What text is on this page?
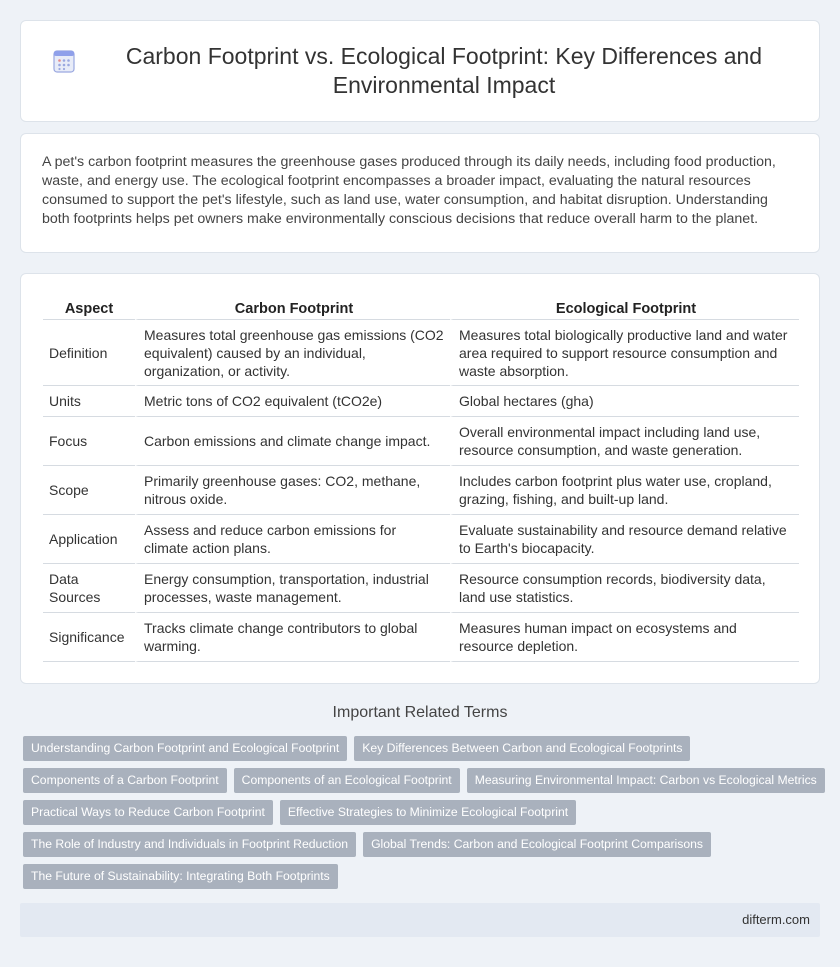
Carbon Footprint vs. Ecological Footprint: Key Differences and Environmental Impact

A pet's carbon footprint measures the greenhouse gases produced through its daily needs, including food production, waste, and energy use. The ecological footprint encompasses a broader impact, evaluating the natural resources consumed to support the pet's lifestyle, such as land use, water consumption, and habitat disruption. Understanding both footprints helps pet owners make environmentally conscious decisions that reduce overall harm to the planet.

Aspect	Carbon Footprint	Ecological Footprint
Definition	Measures total greenhouse gas emissions (CO2 equivalent) caused by an individual, organization, or activity.	Measures total biologically productive land and water area required to support resource consumption and waste absorption.
Units	Metric tons of CO2 equivalent (tCO2e)	Global hectares (gha)
Focus	Carbon emissions and climate change impact.	Overall environmental impact including land use, resource consumption, and waste generation.
Scope	Primarily greenhouse gases: CO2, methane, nitrous oxide.	Includes carbon footprint plus water use, cropland, grazing, fishing, and built-up land.
Application	Assess and reduce carbon emissions for climate action plans.	Evaluate sustainability and resource demand relative to Earth's biocapacity.
Data Sources	Energy consumption, transportation, industrial processes, waste management.	Resource consumption records, biodiversity data, land use statistics.
Significance	Tracks climate change contributors to global warming.	Measures human impact on ecosystems and resource depletion.
Important Related Terms
Understanding Carbon Footprint and Ecological Footprint	Key Differences Between Carbon and Ecological Footprints
Components of a Carbon Footprint	Components of an Ecological Footprint	Measuring Environmental Impact: Carbon vs Ecological Metrics
Practical Ways to Reduce Carbon Footprint	Effective Strategies to Minimize Ecological Footprint
The Role of Industry and Individuals in Footprint Reduction	Global Trends: Carbon and Ecological Footprint Comparisons
The Future of Sustainability: Integrating Both Footprints
difterm.com
